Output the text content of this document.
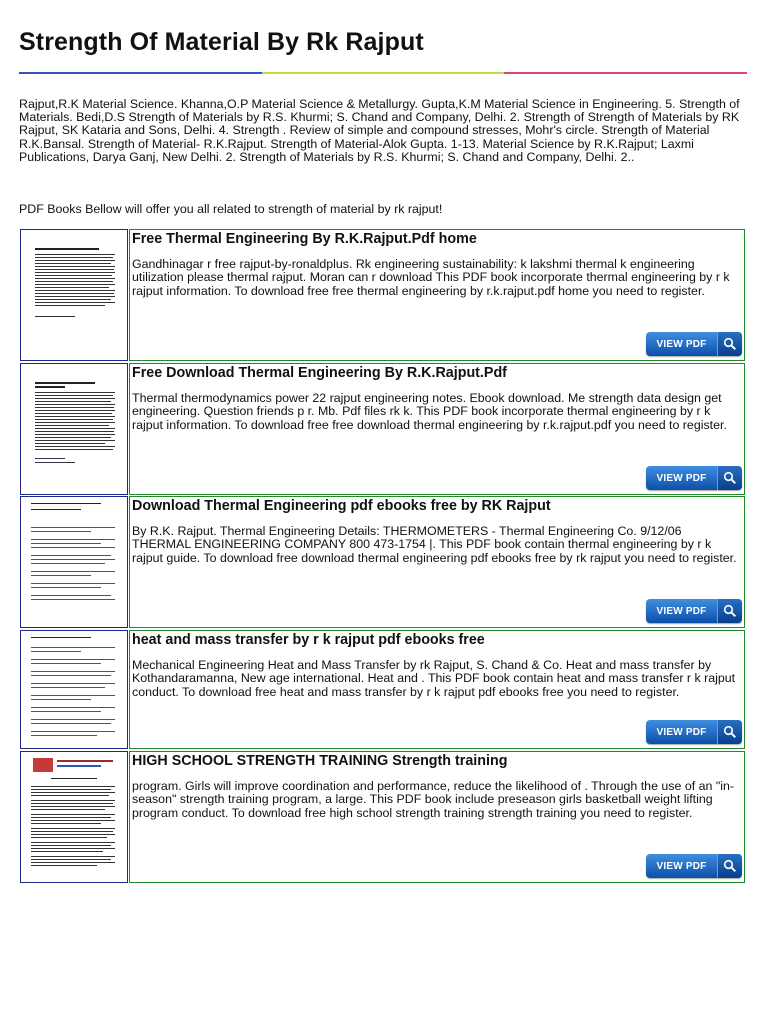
Strength Of Material By Rk Rajput
Rajput,R.K Material Science. Khanna,O.P Material Science & Metallurgy. Gupta,K.M Material Science in Engineering. 5. Strength of Materials. Bedi,D.S Strength of Materials by R.S. Khurmi; S. Chand and Company, Delhi. 2. Strength of Strength of Materials by RK Rajput, SK Kataria and Sons, Delhi. 4. Strength . Review of simple and compound stresses, Mohr's circle. Strength of Material R.K.Bansal. Strength of Material- R.K.Rajput. Strength of Material-Alok Gupta. 1-13. Material Science by R.K.Rajput; Laxmi Publications, Darya Ganj, New Delhi. 2. Strength of Materials by R.S. Khurmi; S. Chand and Company, Delhi. 2..
PDF Books Bellow will offer you all related to strength of material by rk rajput!
Free Thermal Engineering By R.K.Rajput.Pdf home
Gandhinagar r free rajput-by-ronaldplus. Rk engineering sustainability: k lakshmi thermal k engineering utilization please thermal rajput. Moran can r download This PDF book incorporate thermal engineering by r k rajput information. To download free free thermal engineering by r.k.rajput.pdf home you need to register.
VIEW PDF
Free Download Thermal Engineering By R.K.Rajput.Pdf
Thermal thermodynamics power 22 rajput engineering notes. Ebook download. Me strength data design get engineering. Question friends p r. Mb. Pdf files rk k. This PDF book incorporate thermal engineering by r k rajput information. To download free free download thermal engineering by r.k.rajput.pdf you need to register.
VIEW PDF
Download Thermal Engineering pdf ebooks free by RK Rajput
By R.K. Rajput. Thermal Engineering Details: THERMOMETERS - Thermal Engineering Co. 9/12/06 THERMAL ENGINEERING COMPANY 800 473-1754 |. This PDF book contain thermal engineering by r k rajput guide. To download free download thermal engineering pdf ebooks free by rk rajput you need to register.
VIEW PDF
heat and mass transfer by r k rajput pdf ebooks free
Mechanical Engineering Heat and Mass Transfer by rk Rajput, S. Chand & Co. Heat and mass transfer by Kothandaramanna, New age international. Heat and . This PDF book contain heat and mass transfer r k rajput conduct. To download free heat and mass transfer by r k rajput pdf ebooks free you need to register.
VIEW PDF
HIGH SCHOOL STRENGTH TRAINING Strength training
program. Girls will improve coordination and performance, reduce the likelihood of . Through the use of an "in-season" strength training program, a large. This PDF book include preseason girls basketball weight lifting program conduct. To download free high school strength training strength training you need to register.
VIEW PDF
